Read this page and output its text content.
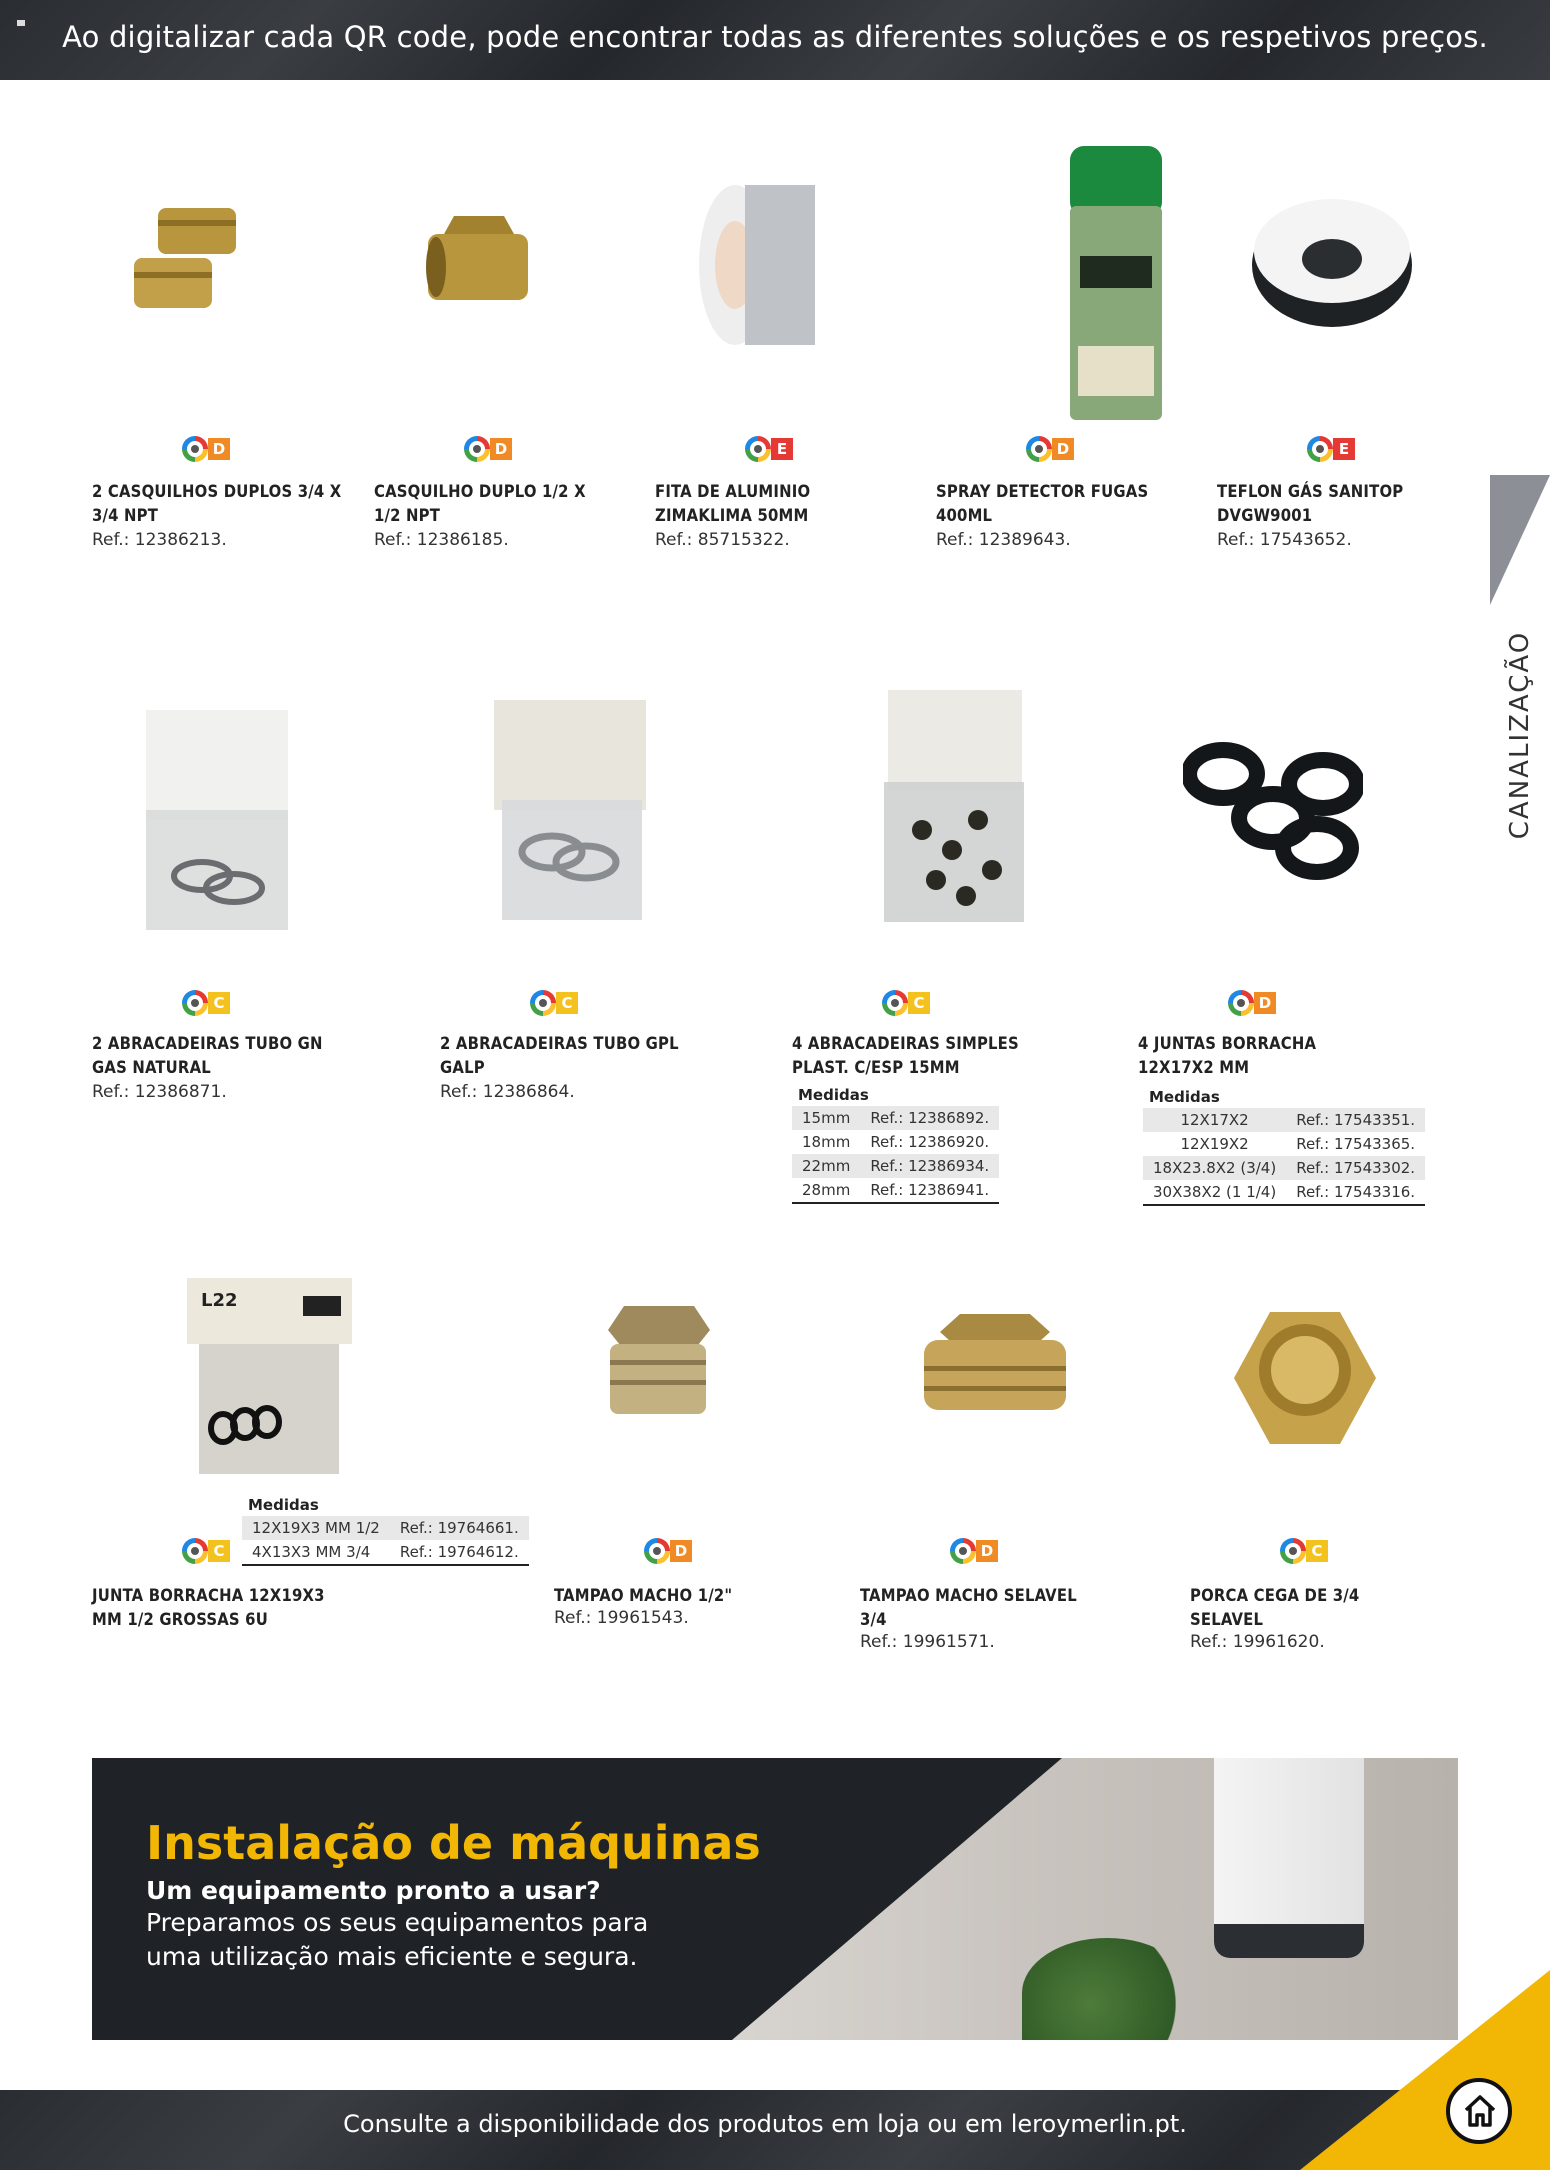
Ao digitalizar cada QR code, pode encontrar todas as diferentes soluções e os respetivos preços.
CANALIZAÇÃO
D
2 CASQUILHOS DUPLOS 3/4 X 3/4 NPT
Ref.: 12386213.
D
CASQUILHO DUPLO 1/2 X 1/2 NPT
Ref.: 12386185.
E
FITA DE ALUMINIO ZIMAKLIMA 50MM
Ref.: 85715322.
D
SPRAY DETECTOR FUGAS 400ML
Ref.: 12389643.
E
TEFLON GÁS SANITOP DVGW9001
Ref.: 17543652.
C
2 ABRACADEIRAS TUBO GN GAS NATURAL
Ref.: 12386871.
C
2 ABRACADEIRAS TUBO GPL GALP
Ref.: 12386864.
C
4 ABRACADEIRAS SIMPLES PLAST. C/ESP 15MM
Medidas	
15mm	Ref.: 12386892.
18mm	Ref.: 12386920.
22mm	Ref.: 12386934.
28mm	Ref.: 12386941.
D
4 JUNTAS BORRACHA 12X17X2 MM
Medidas	
12X17X2	Ref.: 17543351.
12X19X2	Ref.: 17543365.
18X23.8X2 (3/4)	Ref.: 17543302.
30X38X2 (1 1/4)	Ref.: 17543316.
L22
Medidas	
12X19X3 MM 1/2	Ref.: 19764661.
4X13X3 MM 3/4	Ref.: 19764612.
C
JUNTA BORRACHA 12X19X3 MM 1/2 GROSSAS 6U
D
TAMPAO MACHO 1/2"
Ref.: 19961543.
D
TAMPAO MACHO SELAVEL 3/4
Ref.: 19961571.
C
PORCA CEGA DE 3/4 SELAVEL
Ref.: 19961620.
Instalação de máquinas
Um equipamento pronto a usar?
Preparamos os seus equipamentos para
uma utilização mais eficiente e segura.
Consulte a disponibilidade dos produtos em loja ou em leroymerlin.pt.
